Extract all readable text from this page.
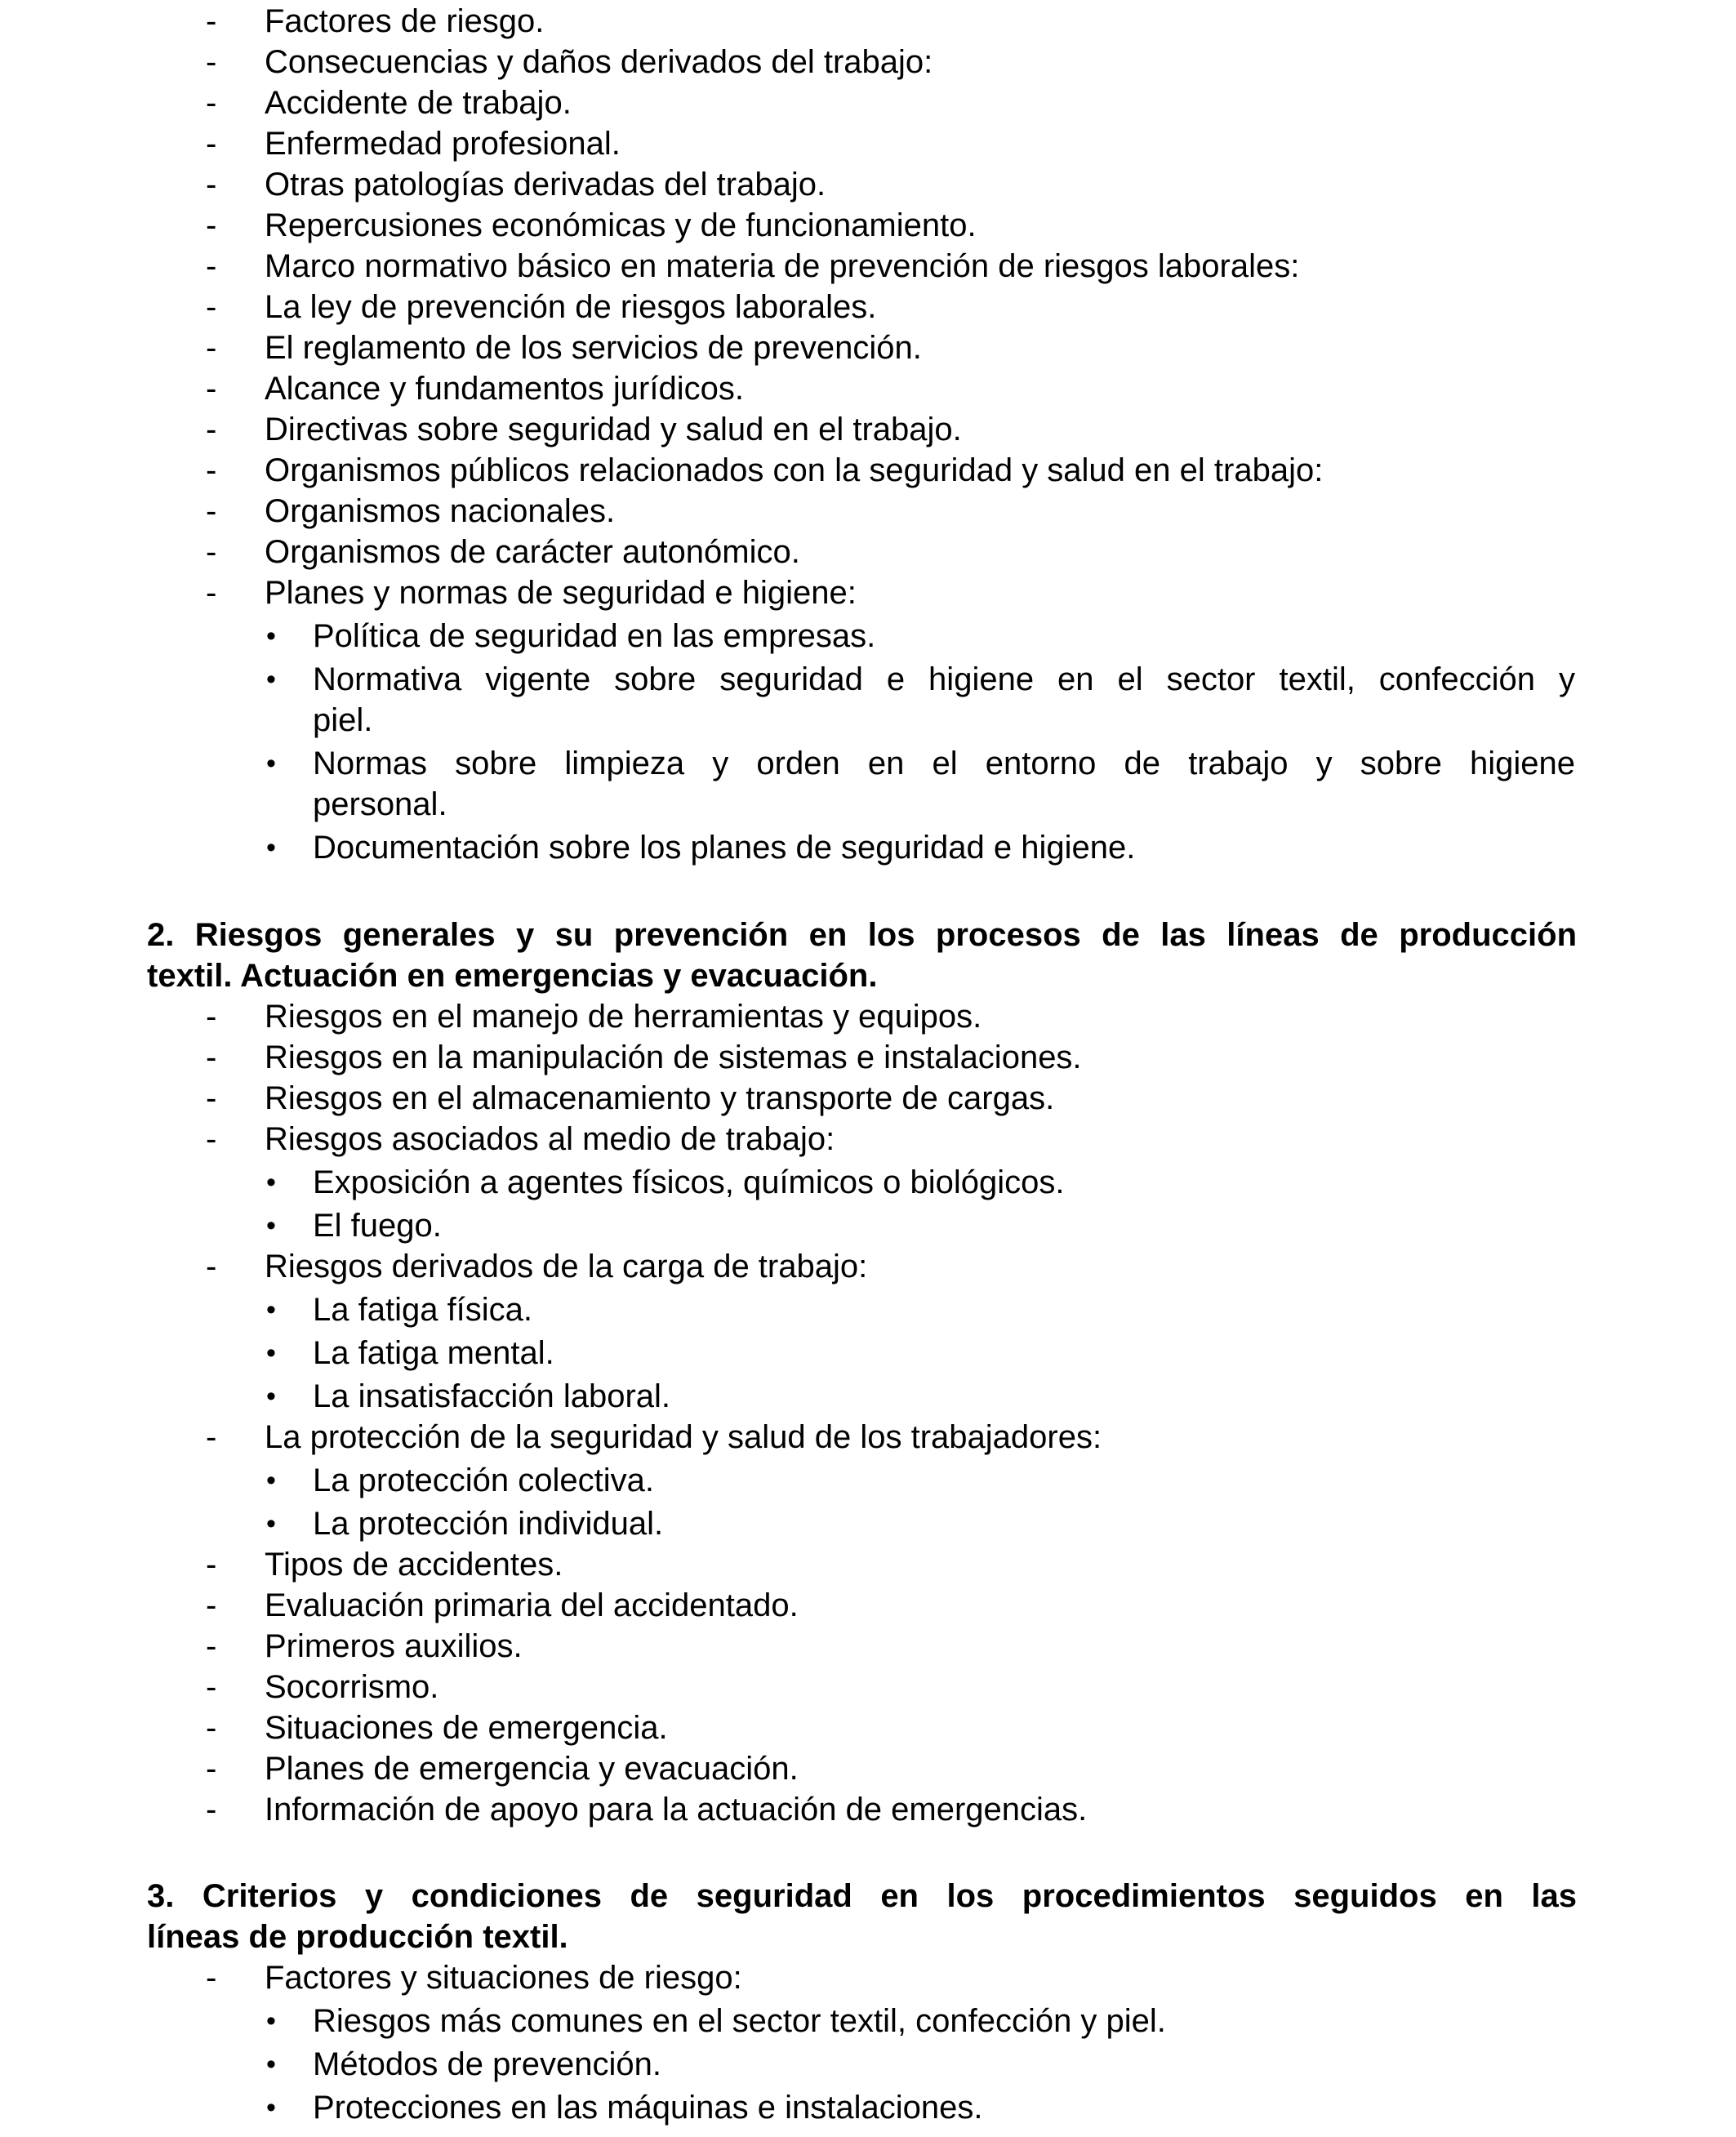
-	Factores de riesgo.
-	Consecuencias y daños derivados del trabajo:
-	Accidente de trabajo.
-	Enfermedad profesional.
-	Otras patologías derivadas del trabajo.
-	Repercusiones económicas y de funcionamiento.
-	Marco normativo básico en materia de prevención de riesgos laborales:
-	La ley de prevención de riesgos laborales.
-	El reglamento de los servicios de prevención.
-	Alcance y fundamentos jurídicos.
-	Directivas sobre seguridad y salud en el trabajo.
-	Organismos públicos relacionados con la seguridad y salud en el trabajo:
-	Organismos nacionales.
-	Organismos de carácter autonómico.
-	Planes y normas de seguridad e higiene:
•	Política de seguridad en las empresas.
•	Normativa vigente sobre seguridad e higiene en el sector textil, confección y
piel.
•	Normas sobre limpieza y orden en el entorno de trabajo y sobre higiene
personal.
•	Documentación sobre los planes de seguridad e higiene.
2. Riesgos generales y su prevención en los procesos de las líneas de producción
textil. Actuación en emergencias y evacuación.
-	Riesgos en el manejo de herramientas y equipos.
-	Riesgos en la manipulación de sistemas e instalaciones.
-	Riesgos en el almacenamiento y transporte de cargas.
-	Riesgos asociados al medio de trabajo:
•	Exposición a agentes físicos, químicos o biológicos.
•	El fuego.
-	Riesgos derivados de la carga de trabajo:
•	La fatiga física.
•	La fatiga mental.
•	La insatisfacción laboral.
-	La protección de la seguridad y salud de los trabajadores:
•	La protección colectiva.
•	La protección individual.
-	Tipos de accidentes.
-	Evaluación primaria del accidentado.
-	Primeros auxilios.
-	Socorrismo.
-	Situaciones de emergencia.
-	Planes de emergencia y evacuación.
-	Información de apoyo para la actuación de emergencias.
3. Criterios y condiciones de seguridad en los procedimientos seguidos en las
líneas de producción textil.
-	Factores y situaciones de riesgo:
•	Riesgos más comunes en el sector textil, confección y piel.
•	Métodos de prevención.
•	Protecciones en las máquinas e instalaciones.
